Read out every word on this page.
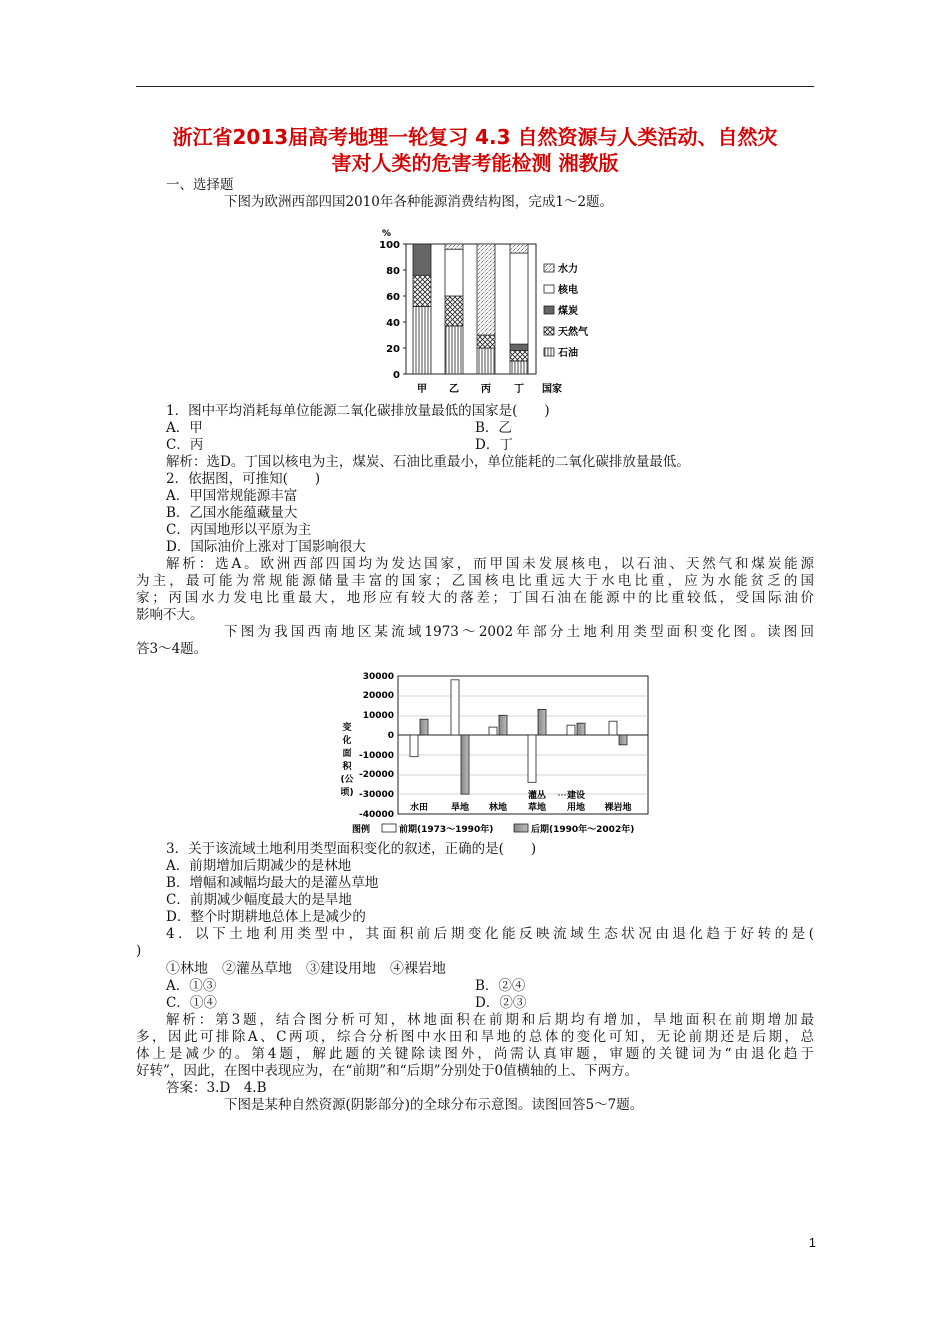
浙江省2013届高考地理一轮复习 4.3 自然资源与人类活动、自然灾
害对人类的危害考能检测 湘教版
一、选择题
下图为欧洲西部四国2010年各种能源消费结构图，完成1～2题。
%
100
80
60
40
20
0
甲 乙 丙 丁 国家
水力
核电
煤炭
天然气
石油
1．图中平均消耗每单位能源二氧化碳排放量最低的国家是(　　)
A．甲	B．乙
C．丙	D．丁
解析：选D。丁国以核电为主，煤炭、石油比重最小，单位能耗的二氧化碳排放量最低。
2．依据图，可推知(　　)
A．甲国常规能源丰富
B．乙国水能蕴藏量大
C．丙国地形以平原为主
D．国际油价上涨对丁国影响很大
解析：选A。欧洲西部四国均为发达国家，而甲国未发展核电，以石油、天然气和煤炭能源
为主，最可能为常规能源储量丰富的国家；乙国核电比重远大于水电比重，应为水能贫乏的国
家；丙国水力发电比重最大，地形应有较大的落差；丁国石油在能源中的比重较低，受国际油价
影响不大。
下图为我国西南地区某流域1973～2002年部分土地利用类型面积变化图。读图回
答3～4题。
变
化
面
积
(公
顷)
30000
20000
10000
0
-10000
-20000
-30000
-40000
水田	旱地 林地
灌丛
草地
建设
用地 裸岩地
图例	前期(1973～1990年)	后期(1990年～2002年)
3．关于该流域土地利用类型面积变化的叙述，正确的是(　　)
A．前期增加后期减少的是林地
B．增幅和减幅均最大的是灌丛草地
C．前期减少幅度最大的是旱地
D．整个时期耕地总体上是减少的
4．以下土地利用类型中，其面积前后期变化能反映流域生态状况由退化趋于好转的是(
)
①林地　②灌丛草地　③建设用地　④裸岩地
A．①③	B．②④
C．①④	D．②③
解析：第3题，结合图分析可知，林地面积在前期和后期均有增加，旱地面积在前期增加最
多，因此可排除A、C两项，综合分析图中水田和旱地的总体的变化可知，无论前期还是后期，总
体上是减少的。第4题，解此题的关键除读图外，尚需认真审题，审题的关键词为“由退化趋于
好转”，因此，在图中表现应为，在“前期”和“后期”分别处于0值横轴的上、下两方。
答案：3.D　4.B
下图是某种自然资源(阴影部分)的全球分布示意图。读图回答5～7题。
1
